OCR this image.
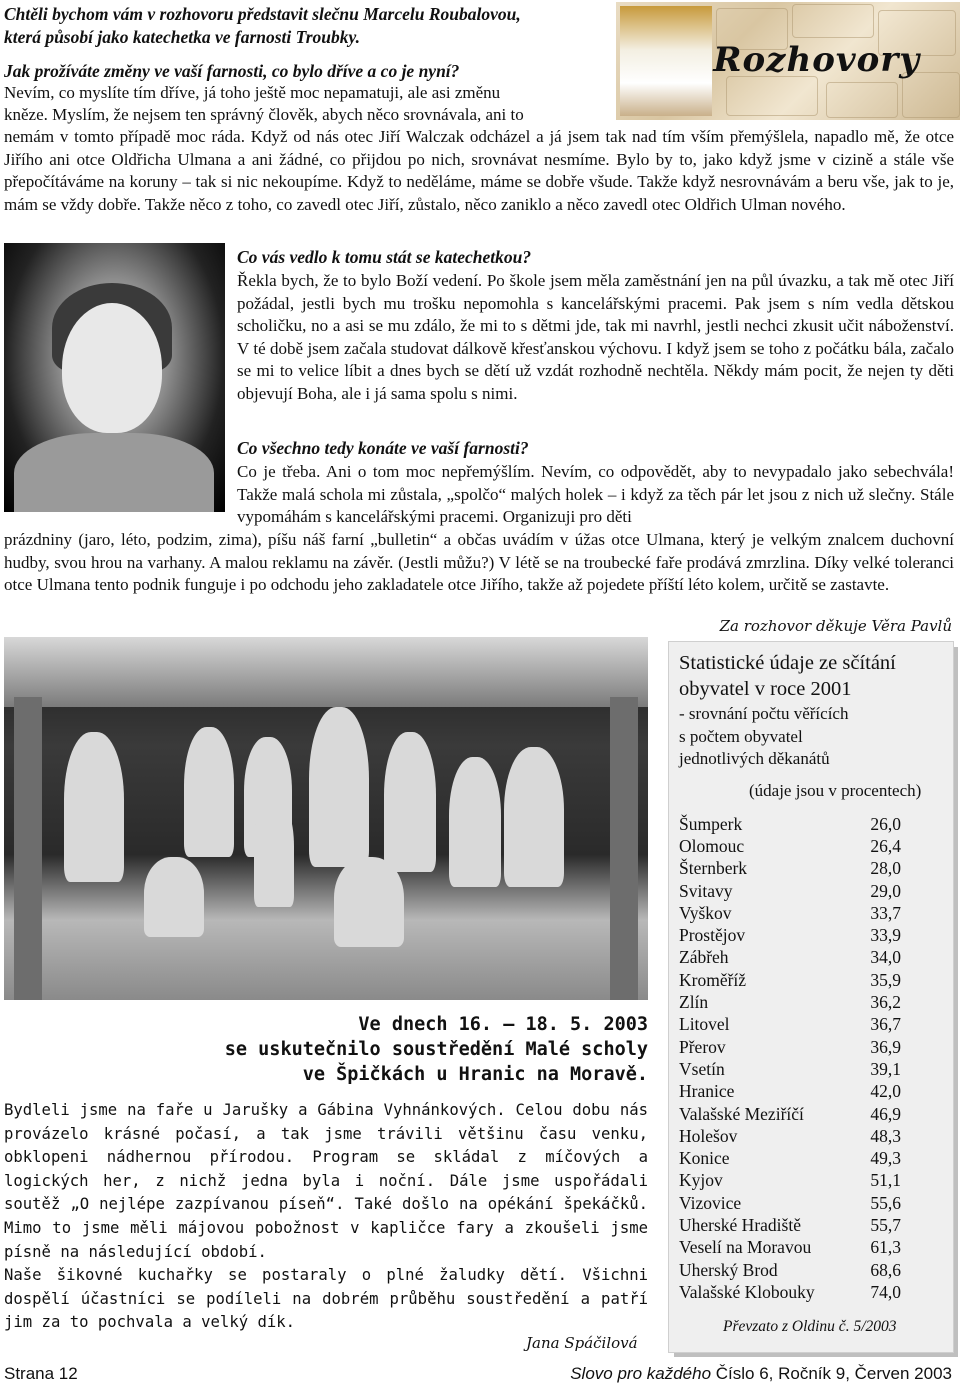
Chtěli bychom vám v rozhovoru představit slečnu Marcelu Roubalovou,
která působí jako katechetka ve farnosti Troubky.
Rozhovory
Jak prožíváte změny ve vaší farnosti, co bylo dříve a co je nyní?
Nevím, co myslíte tím dříve, já toho ještě moc nepamatuji, ale asi změnu
kněze. Myslím, že nejsem ten správný člověk, abych něco srovnávala, ani to

nemám v tomto případě moc ráda. Když od nás otec Jiří Walczak odcházel a já jsem tak nad tím vším přemýšlela, napadlo mě, že otce Jiřího ani otce Oldřicha Ulmana a ani žádné, co přijdou po nich, srovnávat nesmíme. Bylo by to, jako když jsme v cizině a stále vše přepočítáváme na koruny – tak si nic nekoupíme. Když to neděláme, máme se dobře všude. Takže když nesrovnávám a beru vše, jak to je, mám se vždy dobře. Takže něco z toho, co zavedl otec Jiří, zůstalo, něco zaniklo a něco zavedl otec Oldřich Ulman nového.

Co vás vedlo k tomu stát se katechetkou?
Řekla bych, že to bylo Boží vedení. Po škole jsem měla zaměstnání jen na půl úvazku, a tak mě otec Jiří požádal, jestli bych mu trošku nepomohla s kancelářskými pracemi. Pak jsem s ním vedla dětskou scholičku, no a asi se mu zdálo, že mi to s dětmi jde, tak mi navrhl, jestli nechci zkusit učit náboženství. V té době jsem začala studovat dálkově křesťanskou výchovu. I když jsem se toho z počátku bála, začalo se mi to velice líbit a dnes bych se dětí už vzdát rozhodně nechtěla. Někdy mám pocit, že nejen ty děti objevují Boha, ale i já sama spolu s nimi.
Co všechno tedy konáte ve vaší farnosti?
Co je třeba. Ani o tom moc nepřemýšlím. Nevím, co odpovědět, aby to nevypadalo jako sebechvála! Takže malá schola mi zůstala, „spolčo“ malých holek – i když za těch pár let jsou z nich už slečny. Stále vypomáhám s kancelářskými pracemi. Organizuji pro děti
prázdniny (jaro, léto, podzim, zima), píšu náš farní „bulletin“ a občas uvádím v úžas otce Ulmana, který je velkým znalcem duchovní hudby, svou hrou na varhany. A malou reklamu na závěr. (Jestli můžu?) V létě se na troubecké faře prodává zmrzlina. Díky velké toleranci otce Ulmana tento podnik funguje i po odchodu jeho zakladatele otce Jiřího, takže až pojedete příští léto kolem, určitě se zastavte.
Za rozhovor děkuje Věra Pavlů
Ve dnech 16. – 18. 5. 2003
se uskutečnilo soustředění Malé scholy
ve Špičkách u Hranic na Moravě.

Bydleli jsme na faře u Jarušky a Gábina Vyhnánkových. Celou dobu nás provázelo krásné počasí, a tak jsme trávili většinu času venku, obklopeni nádhernou přírodou. Program se skládal z míčových a logických her, z nichž jedna byla i noční. Dále jsme uspořádali soutěž „O nejlépe zazpívanou píseň“. Také došlo na opékání špekáčků. Mimo to jsme měli májovou pobožnost v kapličce fary a zkoušeli jsme písně na následující období.

Naše šikovné kuchařky se postaraly o plné žaludky dětí. Všichni dospělí účastníci se podíleli na dobrém průběhu soustředění a patří jim za to pochvala a velký dík.

Jana Spáčilová
Statistické údaje ze sčítání
obyvatel v roce 2001
- srovnání počtu věřících
s počtem obyvatel
jednotlivých děkanátů
(údaje jsou v procentech)
Šumperk	26,0
Olomouc	26,4
Šternberk	28,0
Svitavy	29,0
Vyškov	33,7
Prostějov	33,9
Zábřeh	34,0
Kroměříž	35,9
Zlín	36,2
Litovel	36,7
Přerov	36,9
Vsetín	39,1
Hranice	42,0
Valašské Meziříčí	46,9
Holešov	48,3
Konice	49,3
Kyjov	51,1
Vizovice	55,6
Uherské Hradiště	55,7
Veselí na Moravou	61,3
Uherský Brod	68,6
Valašské Klobouky	74,0
Převzato z Oldinu č. 5/2003
Strana 12	Slovo pro každého Číslo 6, Ročník 9, Červen 2003
